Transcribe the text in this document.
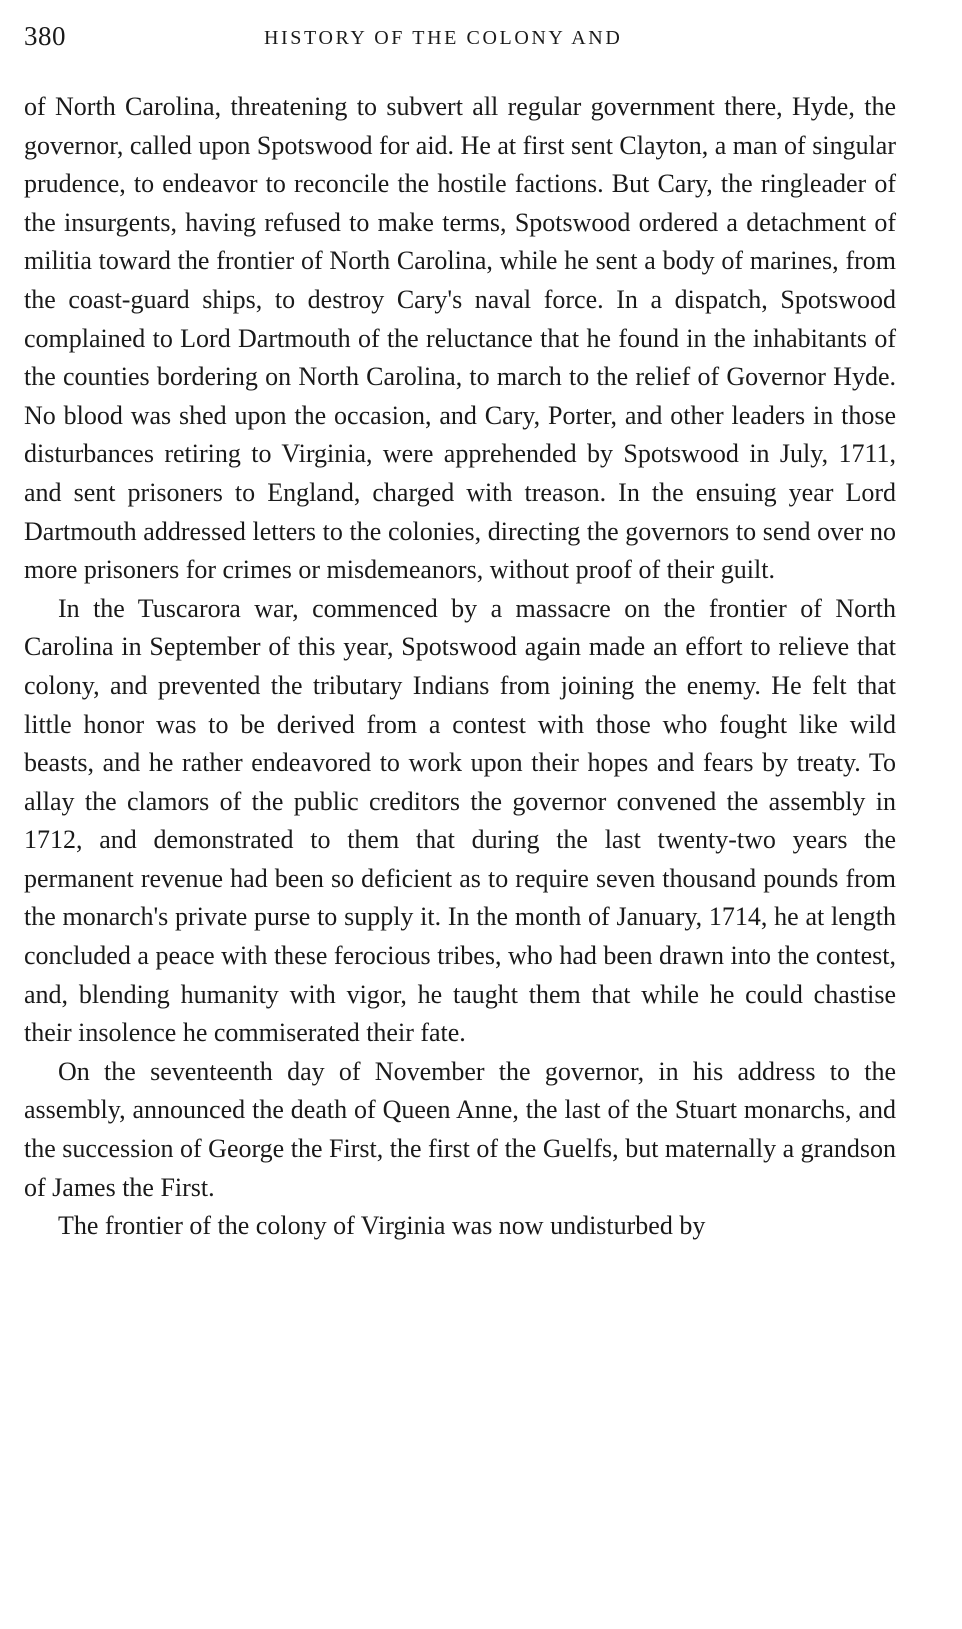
380	HISTORY OF THE COLONY AND

of North Carolina, threatening to subvert all regular government there, Hyde, the governor, called upon Spotswood for aid. He at first sent Clayton, a man of singular prudence, to endeavor to reconcile the hostile factions. But Cary, the ringleader of the insurgents, having refused to make terms, Spotswood ordered a detachment of militia toward the frontier of North Carolina, while he sent a body of marines, from the coast-guard ships, to destroy Cary's naval force. In a dispatch, Spotswood complained to Lord Dartmouth of the reluctance that he found in the inhabitants of the counties bordering on North Carolina, to march to the relief of Governor Hyde. No blood was shed upon the occasion, and Cary, Porter, and other leaders in those disturbances retiring to Virginia, were apprehended by Spotswood in July, 1711, and sent prisoners to England, charged with treason. In the ensuing year Lord Dartmouth addressed letters to the colonies, directing the governors to send over no more prisoners for crimes or misdemeanors, without proof of their guilt.

In the Tuscarora war, commenced by a massacre on the frontier of North Carolina in September of this year, Spotswood again made an effort to relieve that colony, and prevented the tributary Indians from joining the enemy. He felt that little honor was to be derived from a contest with those who fought like wild beasts, and he rather endeavored to work upon their hopes and fears by treaty. To allay the clamors of the public creditors the governor convened the assembly in 1712, and demonstrated to them that during the last twenty-two years the permanent revenue had been so deficient as to require seven thousand pounds from the monarch's private purse to supply it. In the month of January, 1714, he at length concluded a peace with these ferocious tribes, who had been drawn into the contest, and, blending humanity with vigor, he taught them that while he could chastise their insolence he commiserated their fate.

On the seventeenth day of November the governor, in his address to the assembly, announced the death of Queen Anne, the last of the Stuart monarchs, and the succession of George the First, the first of the Guelfs, but maternally a grandson of James the First.

The frontier of the colony of Virginia was now undisturbed by
